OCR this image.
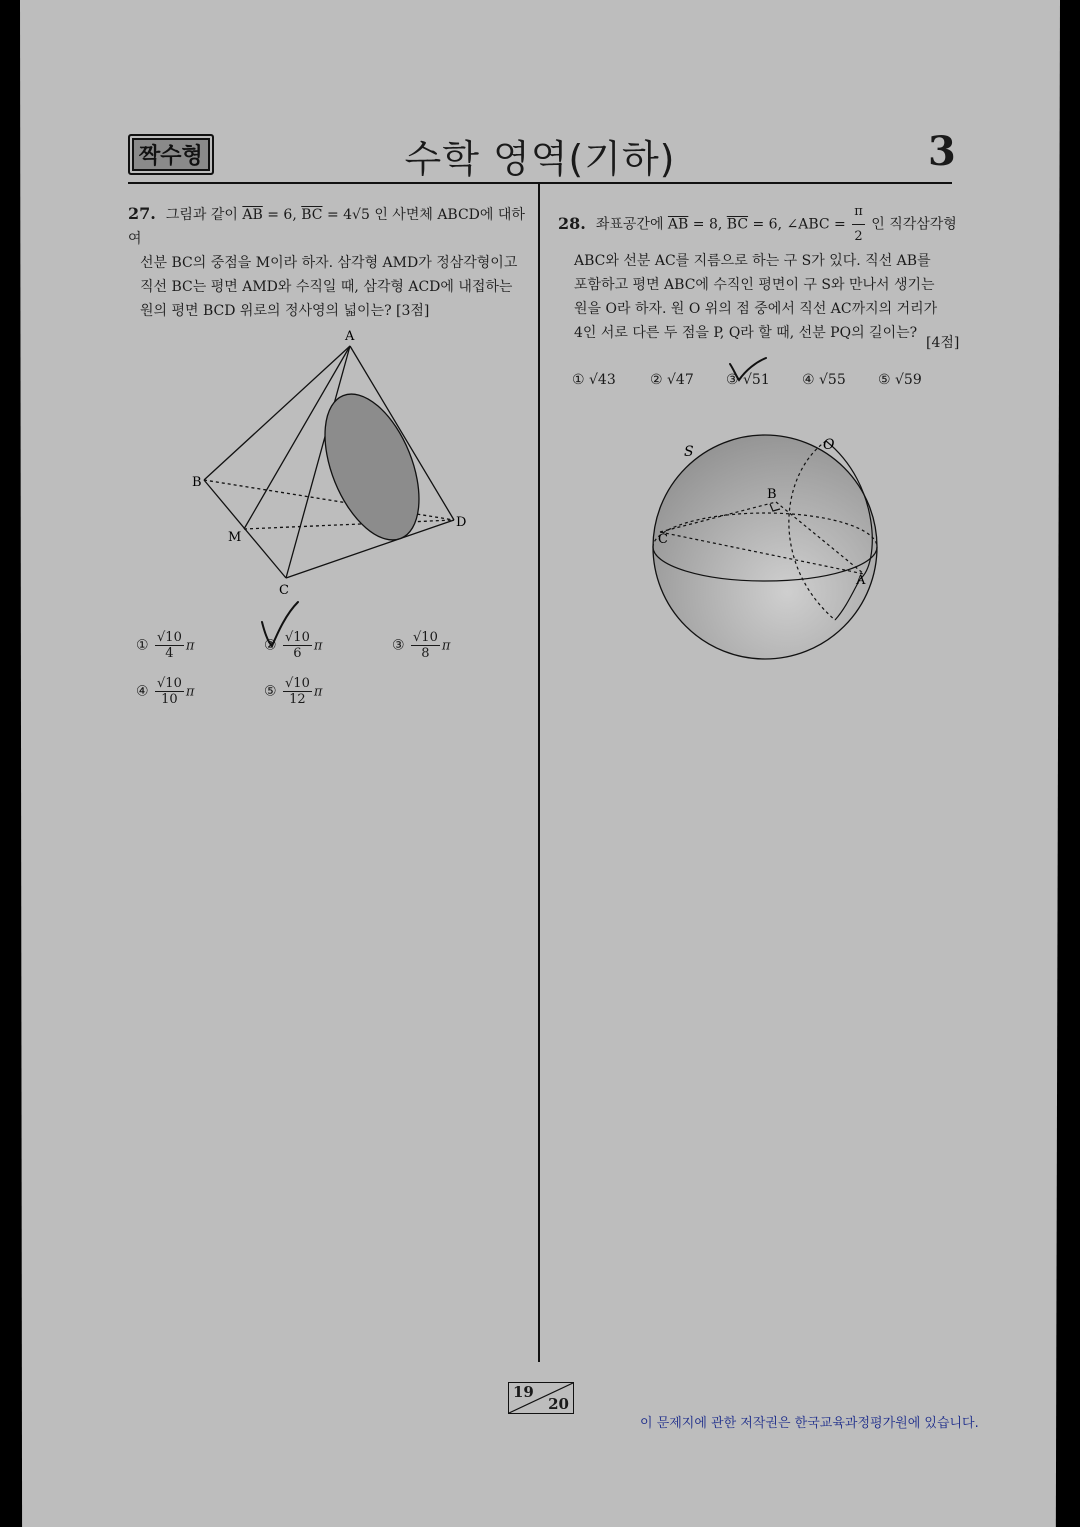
짝수형	수학 영역(기하)	3
27. 그림과 같이 $\overline{AB} = 6$, $\overline{BC} = 4√5$ 인 사면체 ABCD에 대하여
선분 BC의 중점을 M이라 하자. 삼각형 AMD가 정삼각형이고
직선 BC는 평면 AMD와 수직일 때, 삼각형 ACD에 내접하는
원의 평면 BCD 위로의 정사영의 넓이는? [3점]
A
B
C
D
M
① $\frac{√10}{4}$ π	② $\frac{√10}{6}$ π	③ $\frac{√10}{8}$ π
④ $\frac{√10}{10}$ π	⑤ $\frac{√10}{12}$ π
28. 좌표공간에 $\overline{AB} = 8$, $\overline{BC} = 6$, ∠ABC = $\frac{\pi}{2}$ 인 직각삼각형
ABC와 선분 AC를 지름으로 하는 구 S가 있다. 직선 AB를
포함하고 평면 ABC에 수직인 평면이 구 S와 만나서 생기는
원을 O라 하자. 원 O 위의 점 중에서 직선 AC까지의 거리가
4인 서로 다른 두 점을 P, Q라 할 때, 선분 PQ의 길이는?
[4점]
① √43 ② √47 ③ √51 ④ √55 ⑤ √59
S	O
B
C
A
19
20
이 문제지에 관한 저작권은 한국교육과정평가원에 있습니다.
